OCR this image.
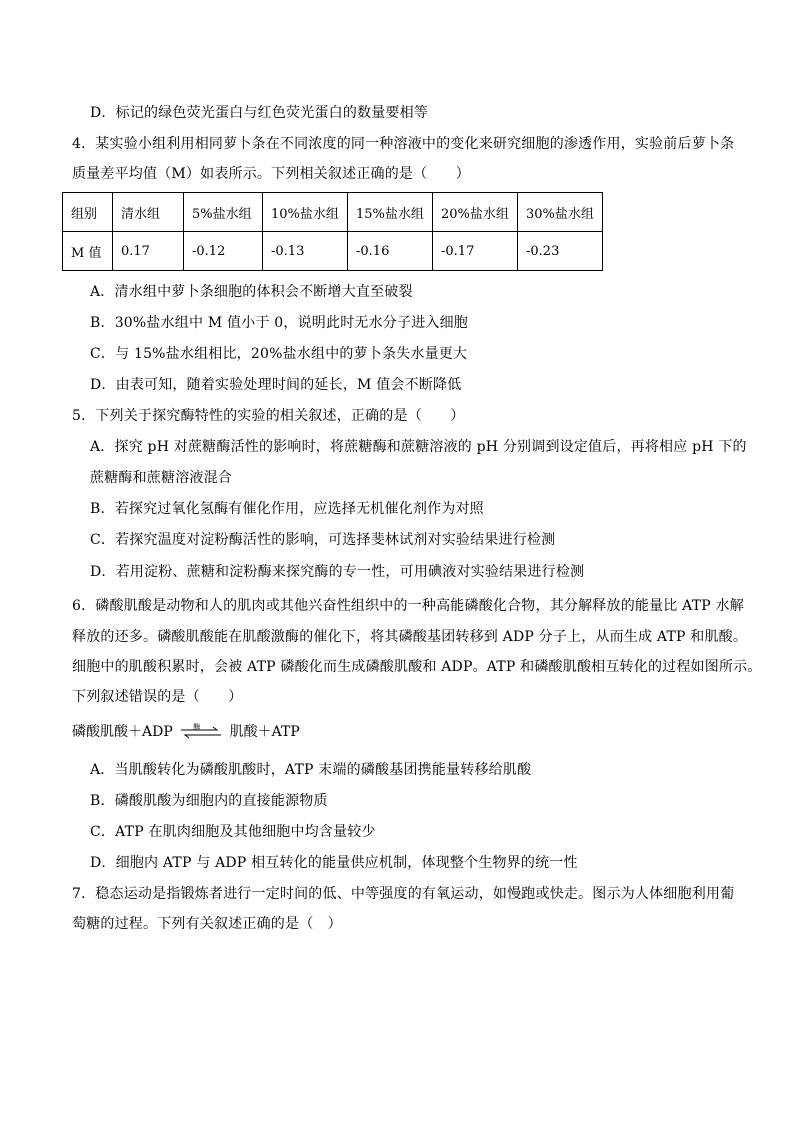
D．标记的绿色荧光蛋白与红色荧光蛋白的数量要相等
4．某实验小组利用相同萝卜条在不同浓度的同一种溶液中的变化来研究细胞的渗透作用，实验前后萝卜条
质量差平均值（M）如表所示。下列相关叙述正确的是（　　）
组别	清水组	5%盐水组	10%盐水组	15%盐水组	20%盐水组	30%盐水组
M 值	0.17	-0.12	-0.13	-0.16	-0.17	-0.23
A．清水组中萝卜条细胞的体积会不断增大直至破裂
B．30%盐水组中 M 值小于 0，说明此时无水分子进入细胞
C．与 15%盐水组相比，20%盐水组中的萝卜条失水量更大
D．由表可知，随着实验处理时间的延长，M 值会不断降低
5．下列关于探究酶特性的实验的相关叙述，正确的是（　　）
A．探究 pH 对蔗糖酶活性的影响时，将蔗糖酶和蔗糖溶液的 pH 分别调到设定值后，再将相应 pH 下的
蔗糖酶和蔗糖溶液混合
B．若探究过氧化氢酶有催化作用，应选择无机催化剂作为对照
C．若探究温度对淀粉酶活性的影响，可选择斐林试剂对实验结果进行检测
D．若用淀粉、蔗糖和淀粉酶来探究酶的专一性，可用碘液对实验结果进行检测
6．磷酸肌酸是动物和人的肌肉或其他兴奋性组织中的一种高能磷酸化合物，其分解释放的能量比 ATP 水解
释放的还多。磷酸肌酸能在肌酸激酶的催化下，将其磷酸基团转移到 ADP 分子上，从而生成 ATP 和肌酸。
细胞中的肌酸积累时，会被 ATP 磷酸化而生成磷酸肌酸和 ADP。ATP 和磷酸肌酸相互转化的过程如图所示。
下列叙述错误的是（　　）
磷酸肌酸＋ADP	酶 肌酸＋ATP
A．当肌酸转化为磷酸肌酸时，ATP 末端的磷酸基团携能量转移给肌酸
B．磷酸肌酸为细胞内的直接能源物质
C．ATP 在肌肉细胞及其他细胞中均含量较少
D．细胞内 ATP 与 ADP 相互转化的能量供应机制，体现整个生物界的统一性
7．稳态运动是指锻炼者进行一定时间的低、中等强度的有氧运动，如慢跑或快走。图示为人体细胞利用葡
萄糖的过程。下列有关叙述正确的是（　）
